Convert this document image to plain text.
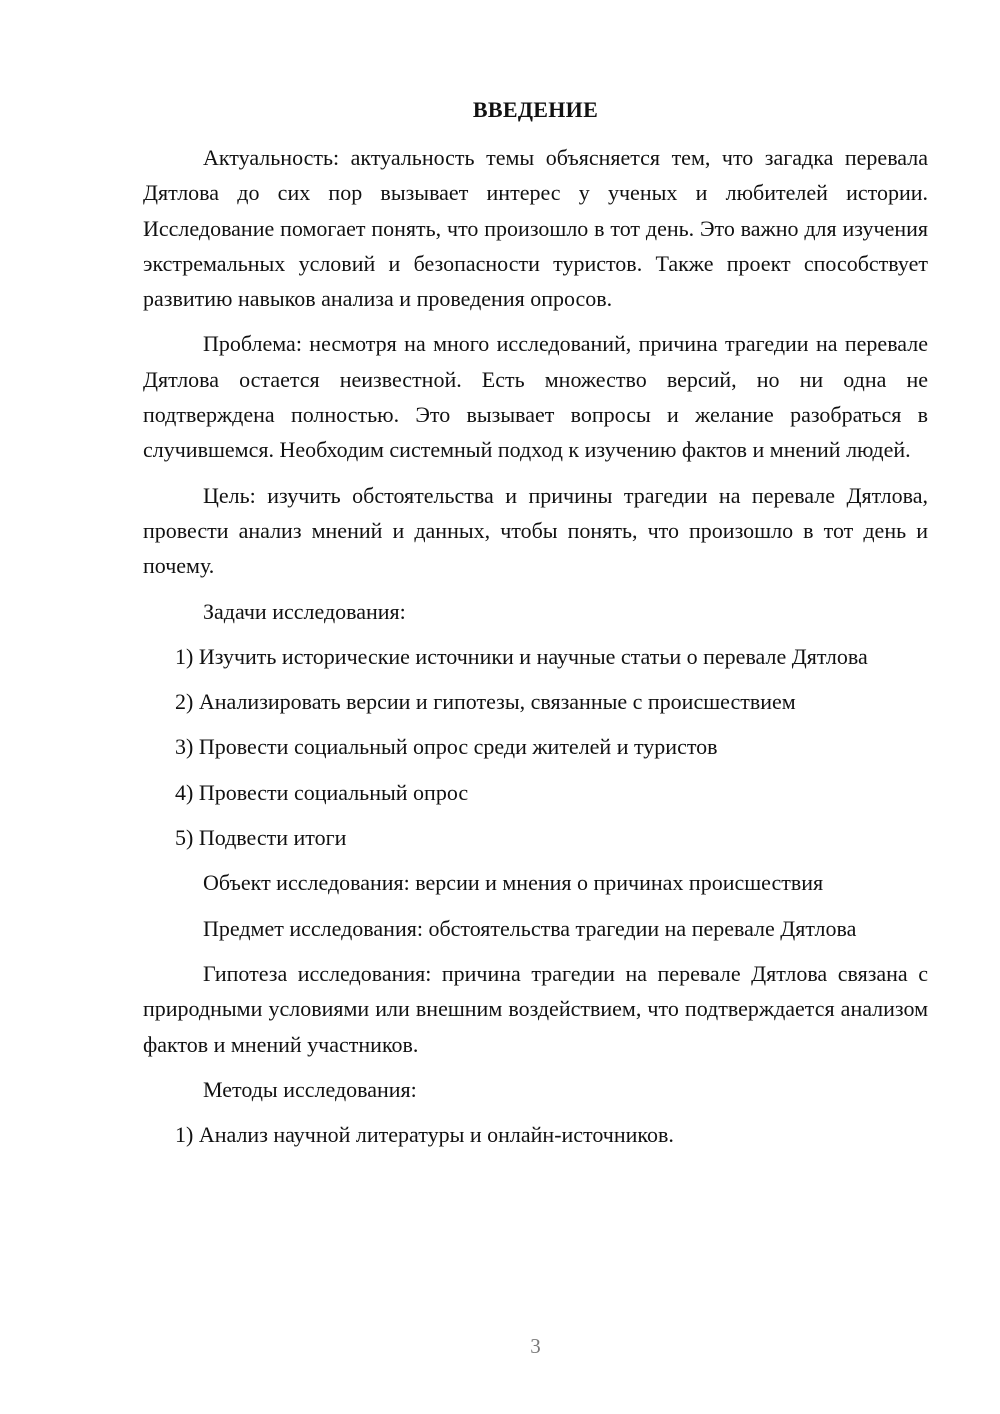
ВВЕДЕНИЕ

Актуальность: актуальность темы объясняется тем, что загадка перевала Дятлова до сих пор вызывает интерес у ученых и любителей истории. Исследование помогает понять, что произошло в тот день. Это важно для изучения экстремальных условий и безопасности туристов. Также проект способствует развитию навыков анализа и проведения опросов.

Проблема: несмотря на много исследований, причина трагедии на перевале Дятлова остается неизвестной. Есть множество версий, но ни одна не подтверждена полностью. Это вызывает вопросы и желание разобраться в случившемся. Необходим системный подход к изучению фактов и мнений людей.

Цель: изучить обстоятельства и причины трагедии на перевале Дятлова, провести анализ мнений и данных, чтобы понять, что произошло в тот день и почему.

Задачи исследования:

1) Изучить исторические источники и научные статьи о перевале Дятлова

2) Анализировать версии и гипотезы, связанные с происшествием

3) Провести социальный опрос среди жителей и туристов

4) Провести социальный опрос

5) Подвести итоги

Объект исследования: версии и мнения о причинах происшествия

Предмет исследования: обстоятельства трагедии на перевале Дятлова

Гипотеза исследования: причина трагедии на перевале Дятлова связана с природными условиями или внешним воздействием, что подтверждается анализом фактов и мнений участников.

Методы исследования:

1) Анализ научной литературы и онлайн-источников.

3
